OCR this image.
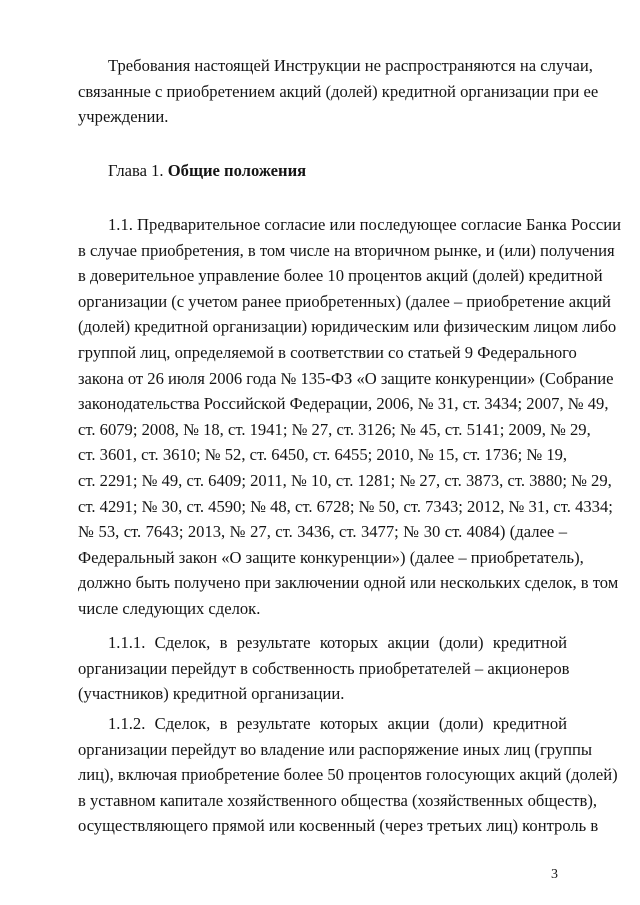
Требования настоящей Инструкции не распространяются на случаи,
связанные с приобретением акций (долей) кредитной организации при ее
учреждении.
Глава 1. Общие положения
1.1. Предварительное согласие или последующее согласие Банка России
в случае приобретения, в том числе на вторичном рынке, и (или) получения
в доверительное управление более 10 процентов акций (долей) кредитной
организации (с учетом ранее приобретенных) (далее – приобретение акций
(долей) кредитной организации) юридическим или физическим лицом либо
группой лиц, определяемой в соответствии со статьей 9 Федерального
закона от 26 июля 2006 года № 135-ФЗ «О защите конкуренции» (Собрание
законодательства Российской Федерации, 2006, № 31, ст. 3434; 2007, № 49,
ст. 6079; 2008, № 18, ст. 1941; № 27, ст. 3126; № 45, ст. 5141; 2009, № 29,
ст. 3601, ст. 3610; № 52, ст. 6450, ст. 6455; 2010, № 15, ст. 1736; № 19,
ст. 2291; № 49, ст. 6409; 2011, № 10, ст. 1281; № 27, ст. 3873, ст. 3880; № 29,
ст. 4291; № 30, ст. 4590; № 48, ст. 6728; № 50, ст. 7343; 2012, № 31, ст. 4334;
№ 53, ст. 7643; 2013, № 27, ст. 3436, ст. 3477; № 30 ст. 4084) (далее –
Федеральный закон «О защите конкуренции») (далее – приобретатель),
должно быть получено при заключении одной или нескольких сделок, в том
числе следующих сделок.
1.1.1. Сделок, в результате которых акции (доли) кредитной
организации перейдут в собственность приобретателей – акционеров
(участников) кредитной организации.
1.1.2. Сделок, в результате которых акции (доли) кредитной
организации перейдут во владение или распоряжение иных лиц (группы
лиц), включая приобретение более 50 процентов голосующих акций (долей)
в уставном капитале хозяйственного общества (хозяйственных обществ),
осуществляющего прямой или косвенный (через третьих лиц) контроль в
3
